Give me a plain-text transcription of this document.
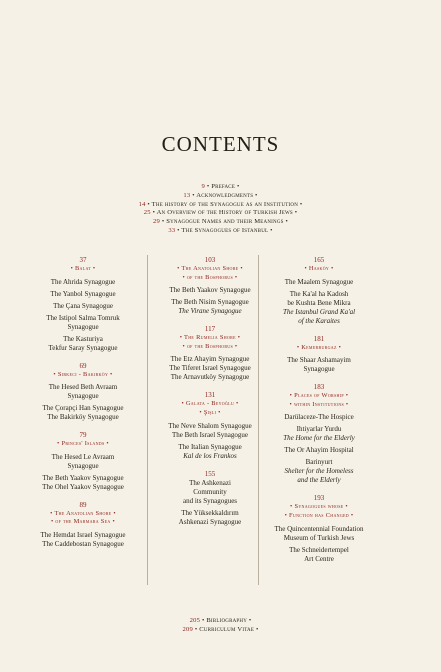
CONTENTS
9 • Preface •
13 • Acknowledgments •
14 • The history of the Synagogue as an Institution •
25 • An Overview of the History of Turkish Jews •
29 • Synagogue Names and their Meanings •
33 • The Synagogues of Istanbul •
37
• Balat •
The Ahrida Synagogue
The Yanbol Synagogue
The Çana Synagogue
The Istipol Salma Tomruk
Synagogue
The Kasturiya
Tekfur Saray Synagogue
69
• Sirkeci - Bakirköy •
The Hesed Beth Avraam
Synagogue
The Çorapçi Han Synagogue
The Bakirköy Synagogue
79
• Princes' Islands •
The Hesed Le Avraam
Synagogue
The Beth Yaakov Synagogue
The Ohel Yaakov Synagogue
89
• The Anatolian Shore •
• of the Marmara Sea •
The Hemdat Israel Synagogue
The Caddebostan Synagogue
103
• The Anatolian Shore •
• of the Bosphorus •
The Beth Yaakov Synagogue
The Beth Nisim Synagogue
The Virane Synagogue
117
• The Rumelia Shore •
• of the Bosphorus •
The Etz Ahayim Synagogue
The Tiferet Israel Synagogue
The Arnavutköy Synagogue
131
• Galata - Beyoğlu •
• Şişli •
The Neve Shalom Synagogue
The Beth Israel Synagogue
The Italian Synagogue
Kal de los Frankos
155
The Ashkenazi
Community
and its Synagogues
The Yüksekkaldırım
Ashkenazi Synagogue
165
• Hasköy •
The Maalem Synagogue
The Ka'al ha Kadosh
be Kushta Bene Mikra
The Istanbul Grand Ka'al
of the Karaites
181
• Kemerburgaz •
The Shaar Ashamayim
Synagogue
183
• Places of Worship •
• within Institutions •
Darülaceze-The Hospice
Ihtiyarlar Yurdu
The Home for the Elderly
The Or Ahayim Hospital
Barinyurt
Shelter for the Homeless
and the Elderly
193
• Synagogues whose •
• Function has Changed •
The Quincentennial Foundation
Museum of Turkish Jews
The Schneidertempel
Art Centre
205 • Bibliography •
209 • Curriculum Vitae •
